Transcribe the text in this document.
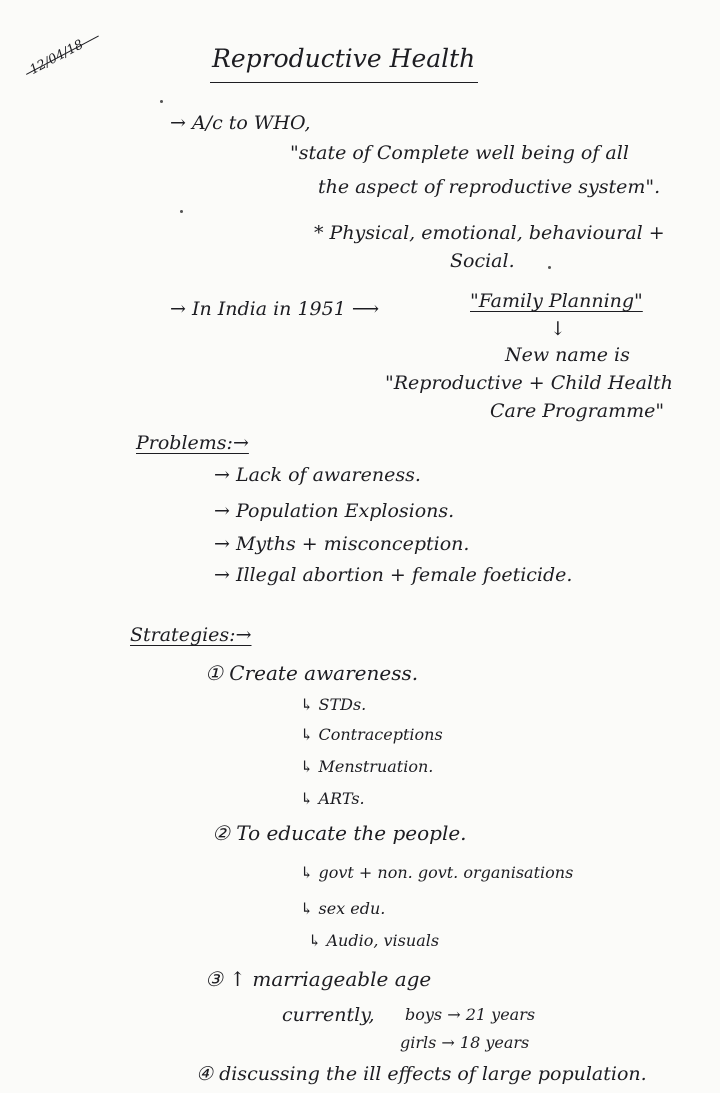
12/04/18	Reproductive Health
→ A/c to WHO,
"state of Complete well being of all
the aspect of reproductive system".
* Physical, emotional, behavioural +
Social.
→ In India in 1951 ⟶	"Family Planning"
↓
New name is
"Reproductive + Child Health
Care Programme"
Problems:→
→ Lack of awareness.
→ Population Explosions.
→ Myths + misconception.
→ Illegal abortion + female foeticide.
Strategies:→
① Create awareness.
↳ STDs.
↳ Contraceptions
↳ Menstruation.
↳ ARTs.
② To educate the people.
↳ govt + non. govt. organisations
↳ sex edu.
↳ Audio, visuals
③ ↑ marriageable age
currently, boys → 21 years
girls → 18 years
④ discussing the ill effects of large population.
